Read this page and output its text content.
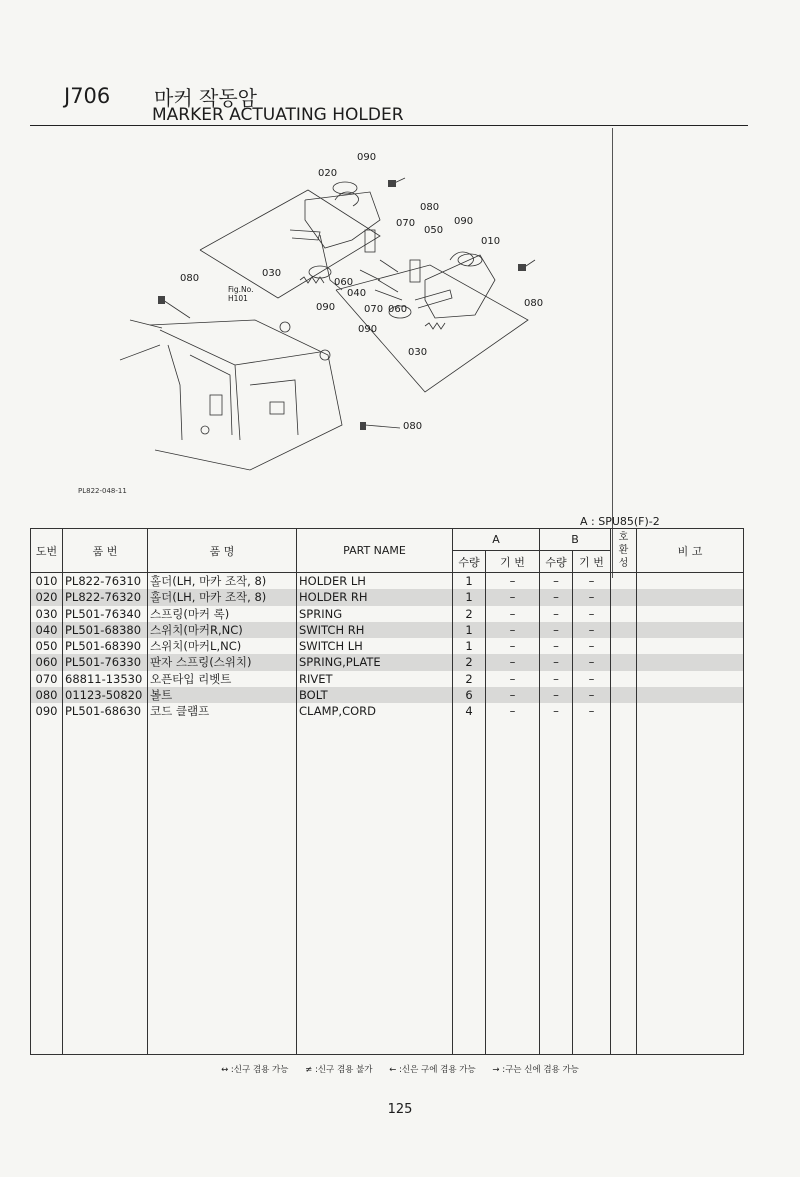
J706 마커 작동암
MARKER ACTUATING HOLDER
090
020
080
070
050
090
010
080	030
060
040
090	070 060
080
090
030
080
Fig.No.
H101
PL822-048-11
A : SPU85(F)-2
도번	품 번	품 명	PART NAME	A		B		호환성	비 고
				수량	기 번	수량	기 번		
010	PL822-76310	홀더(LH, 마카 조작, 8)	HOLDER LH	1	–	–	–		
020	PL822-76320	홀더(LH, 마카 조작, 8)	HOLDER RH	1	–	–	–		
030	PL501-76340	스프링(마커 록)	SPRING	2	–	–	–		
040	PL501-68380	스위치(마커R,NC)	SWITCH RH	1	–	–	–		
050	PL501-68390	스위치(마커L,NC)	SWITCH LH	1	–	–	–		
060	PL501-76330	판자 스프링(스위치)	SPRING,PLATE	2	–	–	–		
070	68811-13530	오픈타입 리벳트	RIVET	2	–	–	–		
080	01123-50820	볼트	BOLT	6	–	–	–		
090	PL501-68630	코드 클램프	CLAMP,CORD	4	–	–	–		

↔ :신구 겸용 가능 ≠ :신구 겸용 불가 ← :신은 구에 겸용 가능 → :구는 신에 겸용 가능
125
